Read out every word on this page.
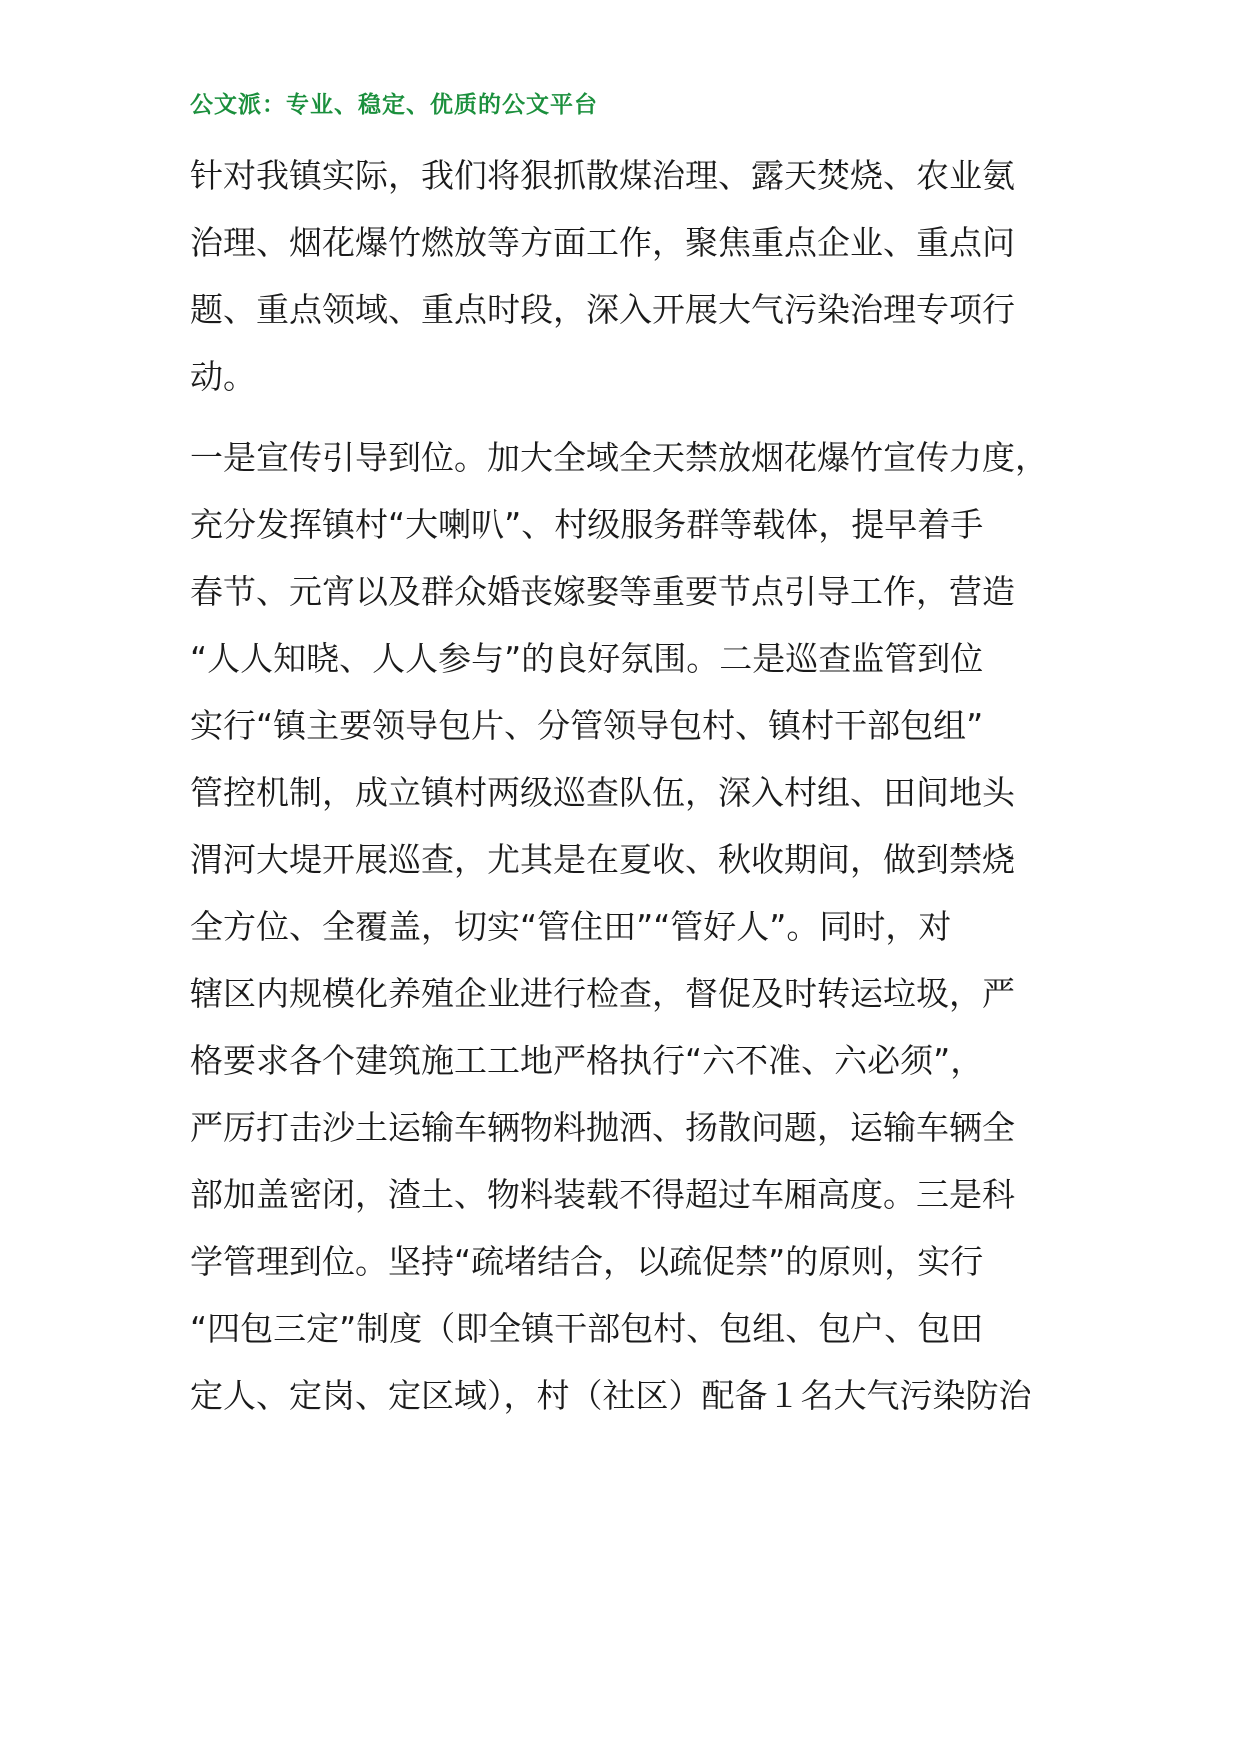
公文派：专业、稳定、优质的公文平台
针对我镇实际，我们将狠抓散煤治理、露天焚烧、农业氨
治理、烟花爆竹燃放等方面工作，聚焦重点企业、重点问
题、重点领域、重点时段，深入开展大气污染治理专项行
动。
一是宣传引导到位。加大全域全天禁放烟花爆竹宣传力度，
充分发挥镇村“大喇叭”、村级服务群等载体，提早着手
春节、元宵以及群众婚丧嫁娶等重要节点引导工作，营造
“人人知晓、人人参与”的良好氛围。二是巡查监管到位
实行“镇主要领导包片、分管领导包村、镇村干部包组”
管控机制，成立镇村两级巡查队伍，深入村组、田间地头
渭河大堤开展巡查，尤其是在夏收、秋收期间，做到禁烧
全方位、全覆盖，切实“管住田”“管好人”。同时，对
辖区内规模化养殖企业进行检查，督促及时转运垃圾，严
格要求各个建筑施工工地严格执行“六不准、六必须”，
严厉打击沙土运输车辆物料抛洒、扬散问题，运输车辆全
部加盖密闭，渣土、物料装载不得超过车厢高度。三是科
学管理到位。坚持“疏堵结合，以疏促禁”的原则，实行
“四包三定”制度（即全镇干部包村、包组、包户、包田
定人、定岗、定区域），村（社区）配备１名大气污染防治
